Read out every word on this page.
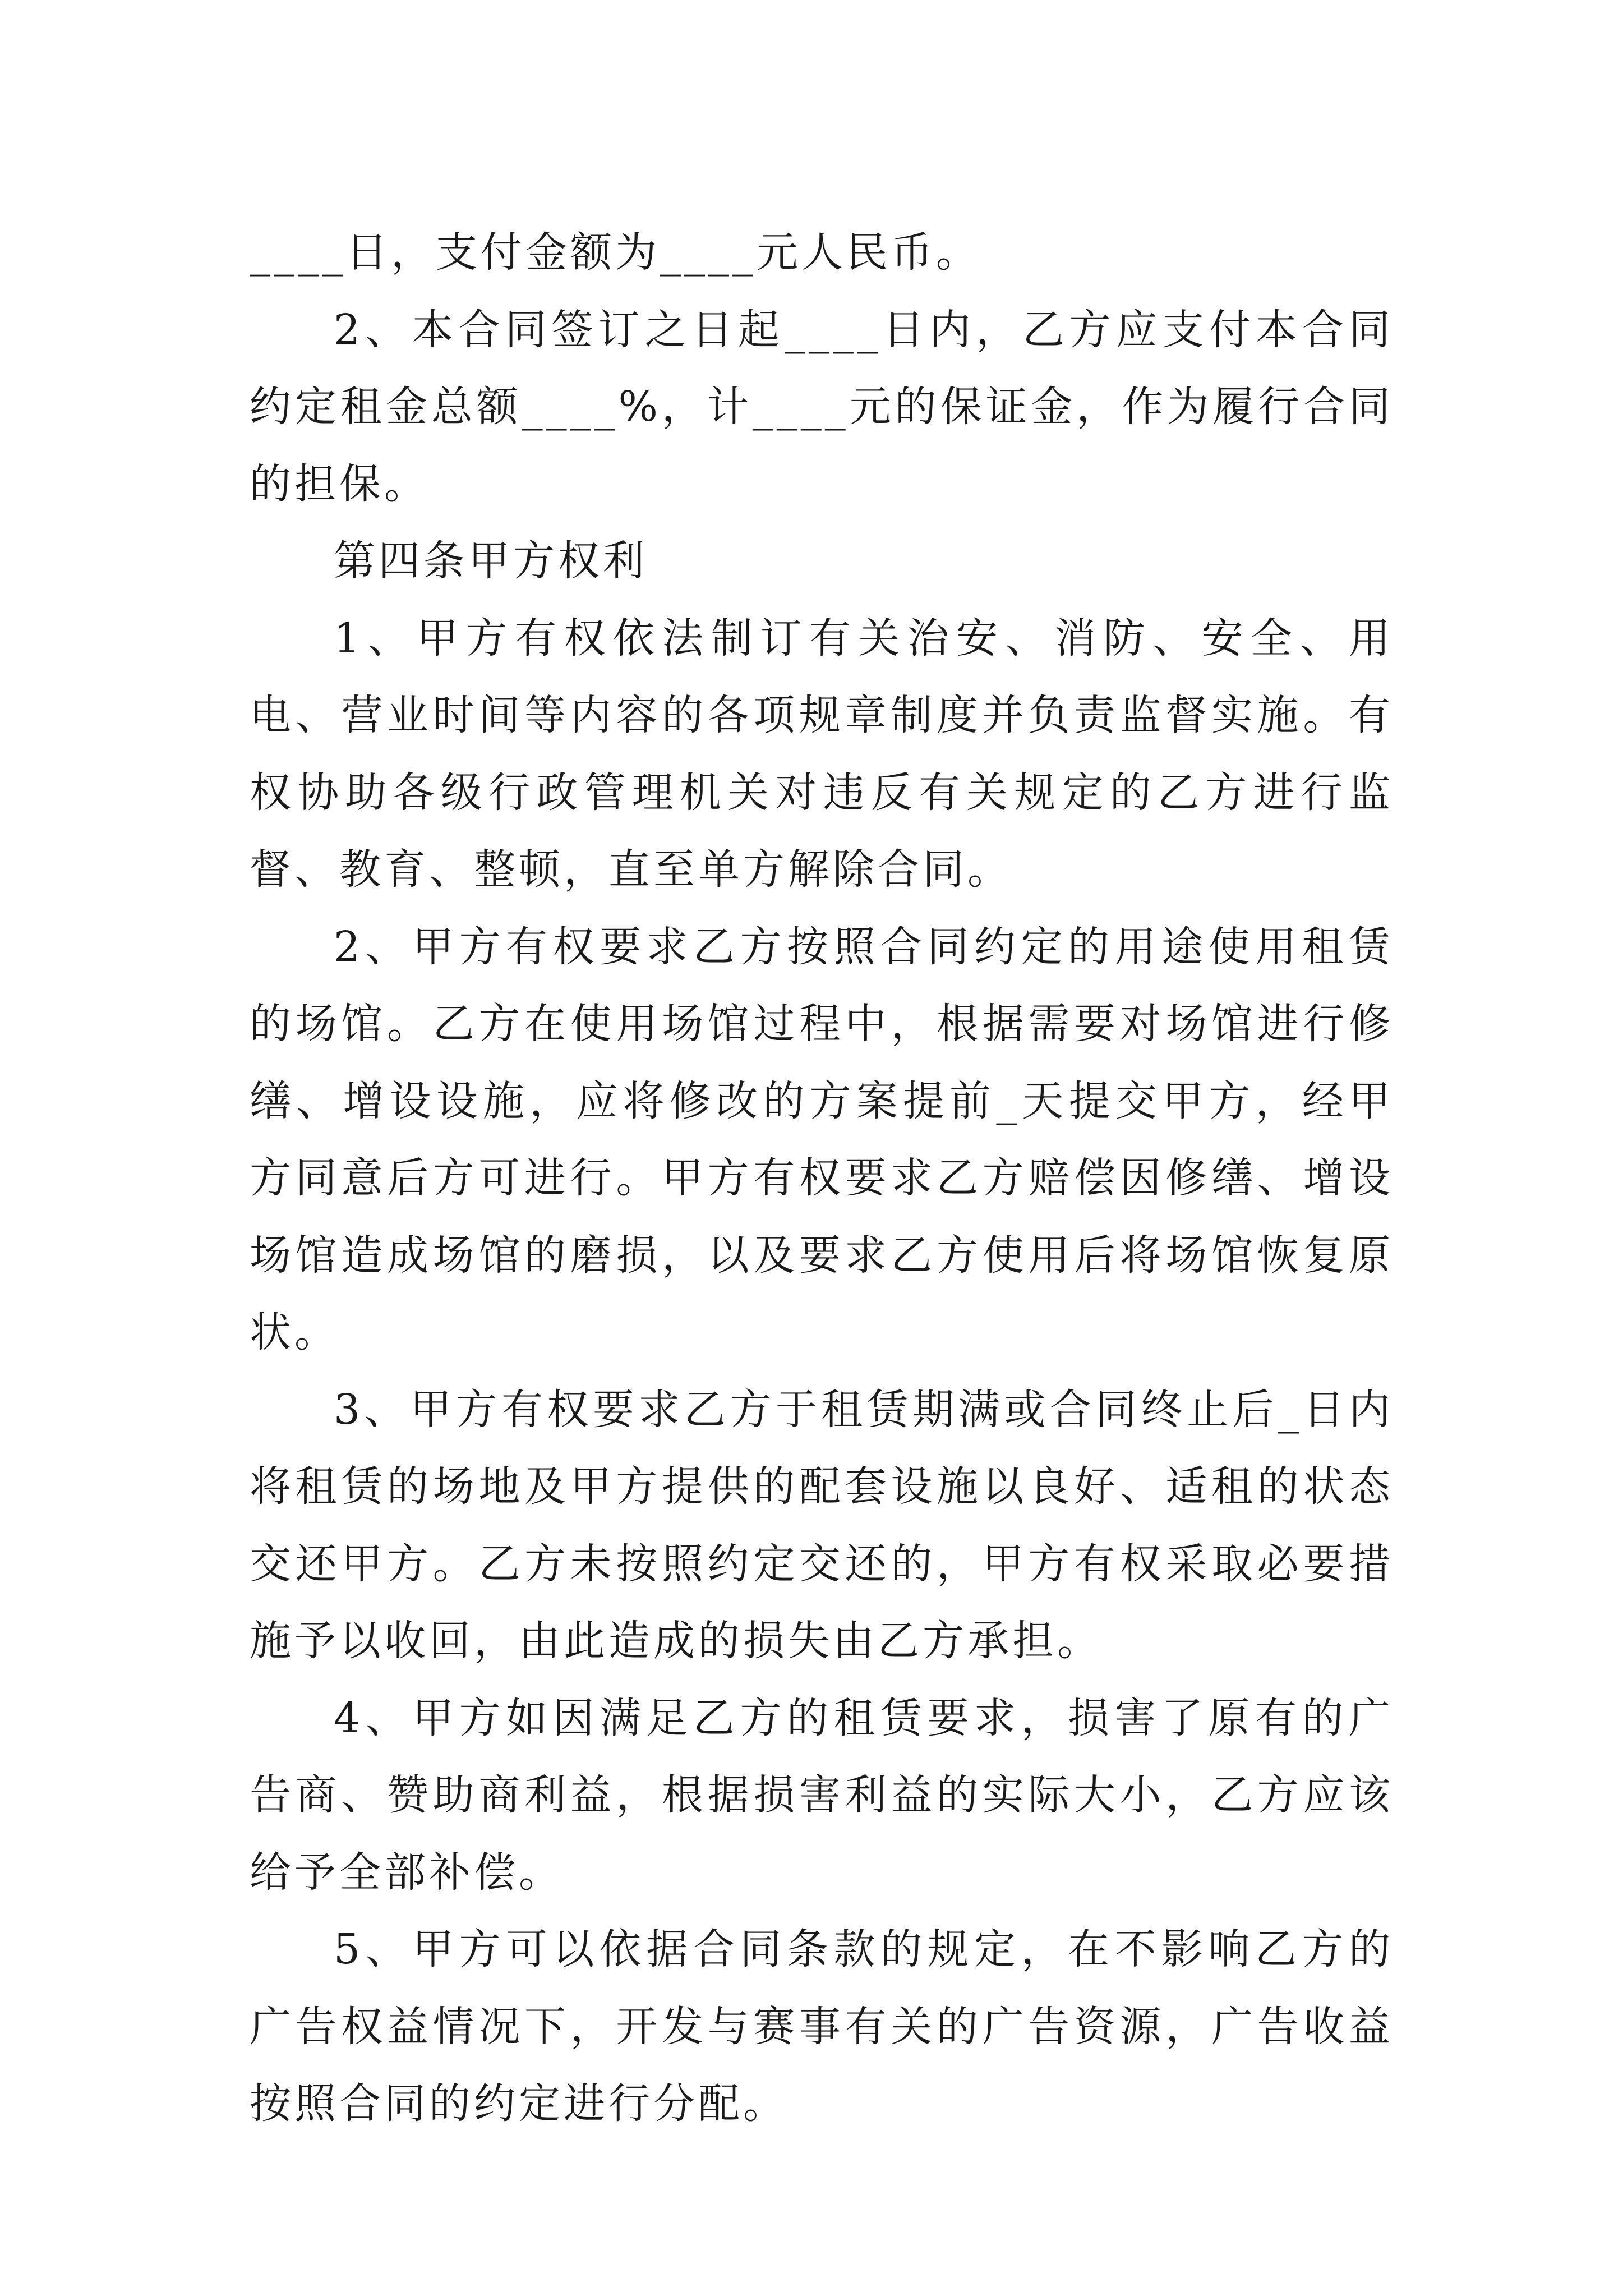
____日，支付金额为____元人民币。

2、本合同签订之日起____日内，乙方应支付本合同约定租金总额____%，计____元的保证金，作为履行合同的担保。

第四条甲方权利

1、甲方有权依法制订有关治安、消防、安全、用电、营业时间等内容的各项规章制度并负责监督实施。有权协助各级行政管理机关对违反有关规定的乙方进行监督、教育、整顿，直至单方解除合同。

2、甲方有权要求乙方按照合同约定的用途使用租赁的场馆。乙方在使用场馆过程中，根据需要对场馆进行修缮、增设设施，应将修改的方案提前_天提交甲方，经甲方同意后方可进行。甲方有权要求乙方赔偿因修缮、增设场馆造成场馆的磨损，以及要求乙方使用后将场馆恢复原状。

3、甲方有权要求乙方于租赁期满或合同终止后_日内将租赁的场地及甲方提供的配套设施以良好、适租的状态交还甲方。乙方未按照约定交还的，甲方有权采取必要措施予以收回，由此造成的损失由乙方承担。

4、甲方如因满足乙方的租赁要求，损害了原有的广告商、赞助商利益，根据损害利益的实际大小，乙方应该给予全部补偿。

5、甲方可以依据合同条款的规定，在不影响乙方的广告权益情况下，开发与赛事有关的广告资源，广告收益按照合同的约定进行分配。
